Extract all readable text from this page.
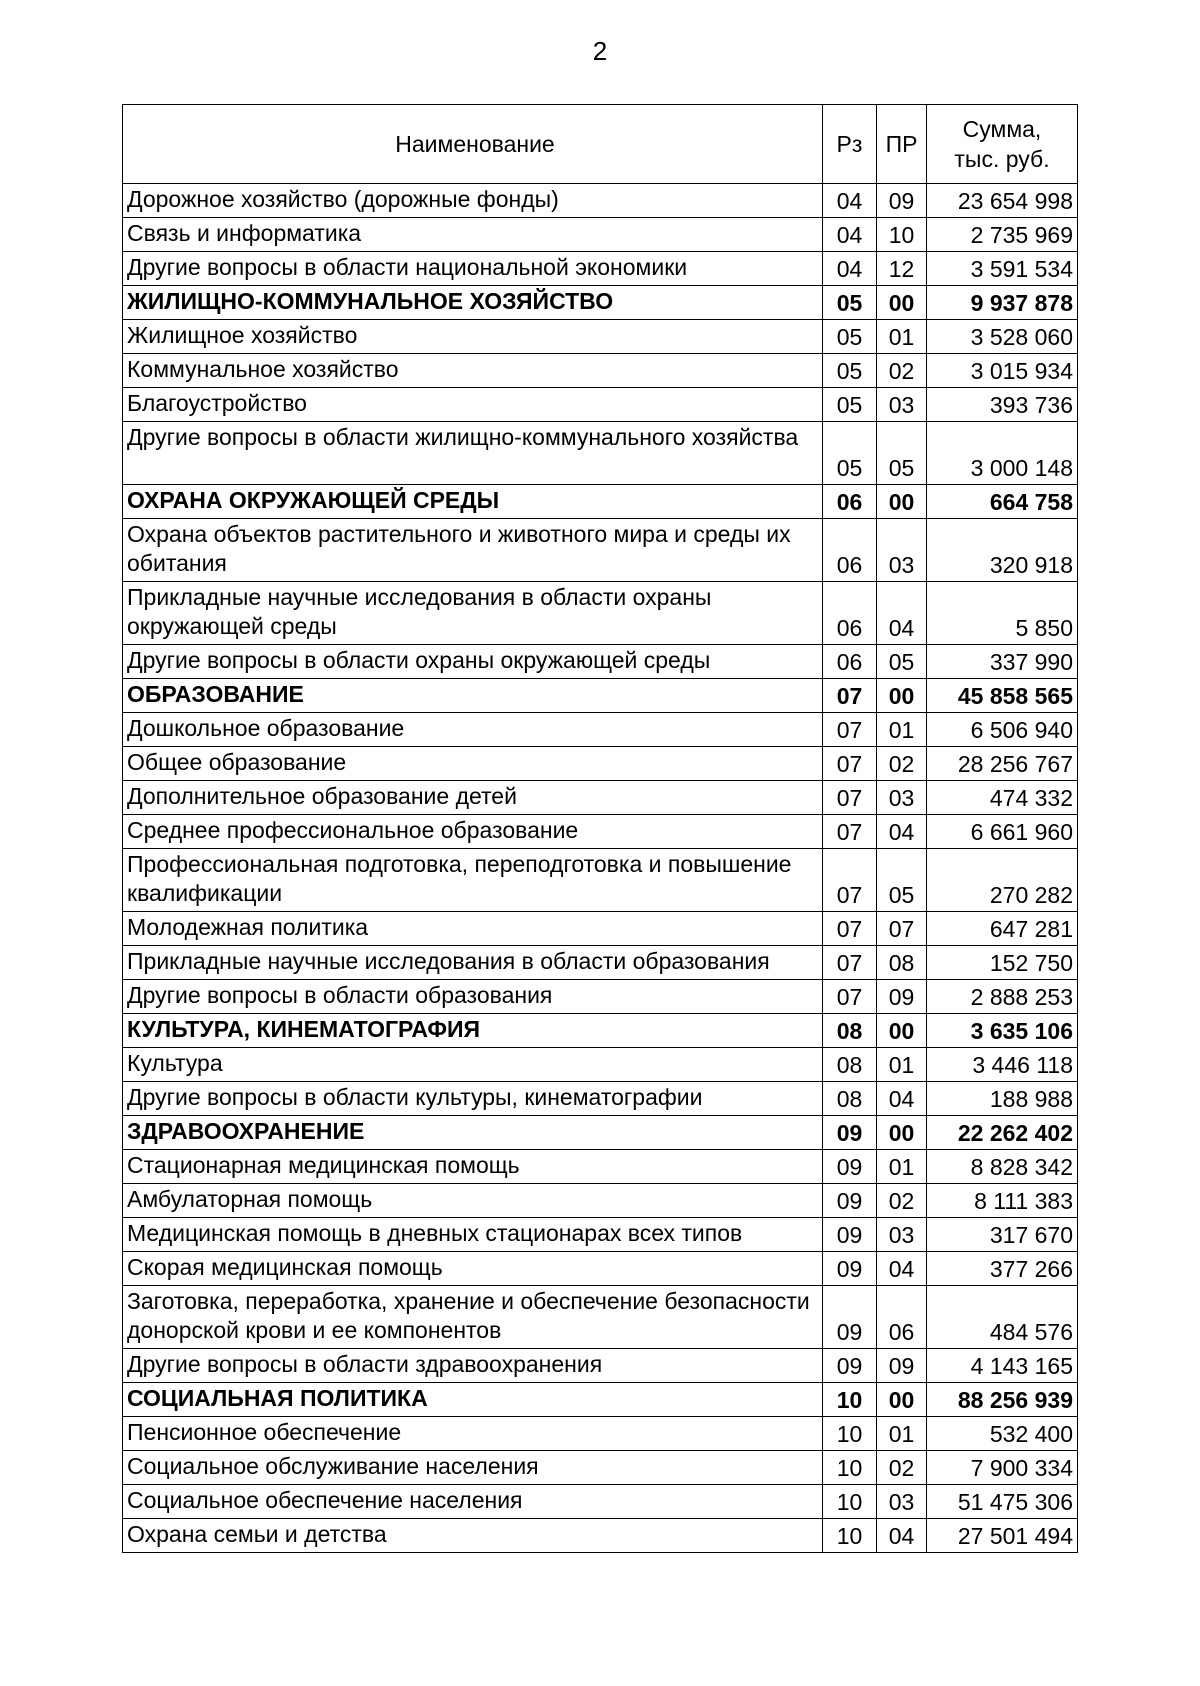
2
Наименование	Рз	ПР	Сумма,
тыс. руб.

Дорожное хозяйство (дорожные фонды)	04	09	23 654 998
Связь и информатика	04	10	2 735 969
Другие вопросы в области национальной экономики	04	12	3 591 534
ЖИЛИЩНО-КОММУНАЛЬНОЕ ХОЗЯЙСТВО	05	00	9 937 878
Жилищное хозяйство	05	01	3 528 060
Коммунальное хозяйство	05	02	3 015 934
Благоустройство	05	03	393 736
Другие вопросы в области жилищно-коммунального хозяйства	05	05	3 000 148
ОХРАНА ОКРУЖАЮЩЕЙ СРЕДЫ	06	00	664 758
Охрана объектов растительного и животного мира и среды их обитания	06	03	320 918
Прикладные научные исследования в области охраны окружающей среды	06	04	5 850
Другие вопросы в области охраны окружающей среды	06	05	337 990
ОБРАЗОВАНИЕ	07	00	45 858 565
Дошкольное образование	07	01	6 506 940
Общее образование	07	02	28 256 767
Дополнительное образование детей	07	03	474 332
Среднее профессиональное образование	07	04	6 661 960
Профессиональная подготовка, переподготовка и повышение квалификации	07	05	270 282
Молодежная политика	07	07	647 281
Прикладные научные исследования в области образования	07	08	152 750
Другие вопросы в области образования	07	09	2 888 253
КУЛЬТУРА, КИНЕМАТОГРАФИЯ	08	00	3 635 106
Культура	08	01	3 446 118
Другие вопросы в области культуры, кинематографии	08	04	188 988
ЗДРАВООХРАНЕНИЕ	09	00	22 262 402
Стационарная медицинская помощь	09	01	8 828 342
Амбулаторная помощь	09	02	8 111 383
Медицинская помощь в дневных стационарах всех типов	09	03	317 670
Скорая медицинская помощь	09	04	377 266
Заготовка, переработка, хранение и обеспечение безопасности донорской крови и ее компонентов	09	06	484 576
Другие вопросы в области здравоохранения	09	09	4 143 165
СОЦИАЛЬНАЯ ПОЛИТИКА	10	00	88 256 939
Пенсионное обеспечение	10	01	532 400
Социальное обслуживание населения	10	02	7 900 334
Социальное обеспечение населения	10	03	51 475 306
Охрана семьи и детства	10	04	27 501 494
